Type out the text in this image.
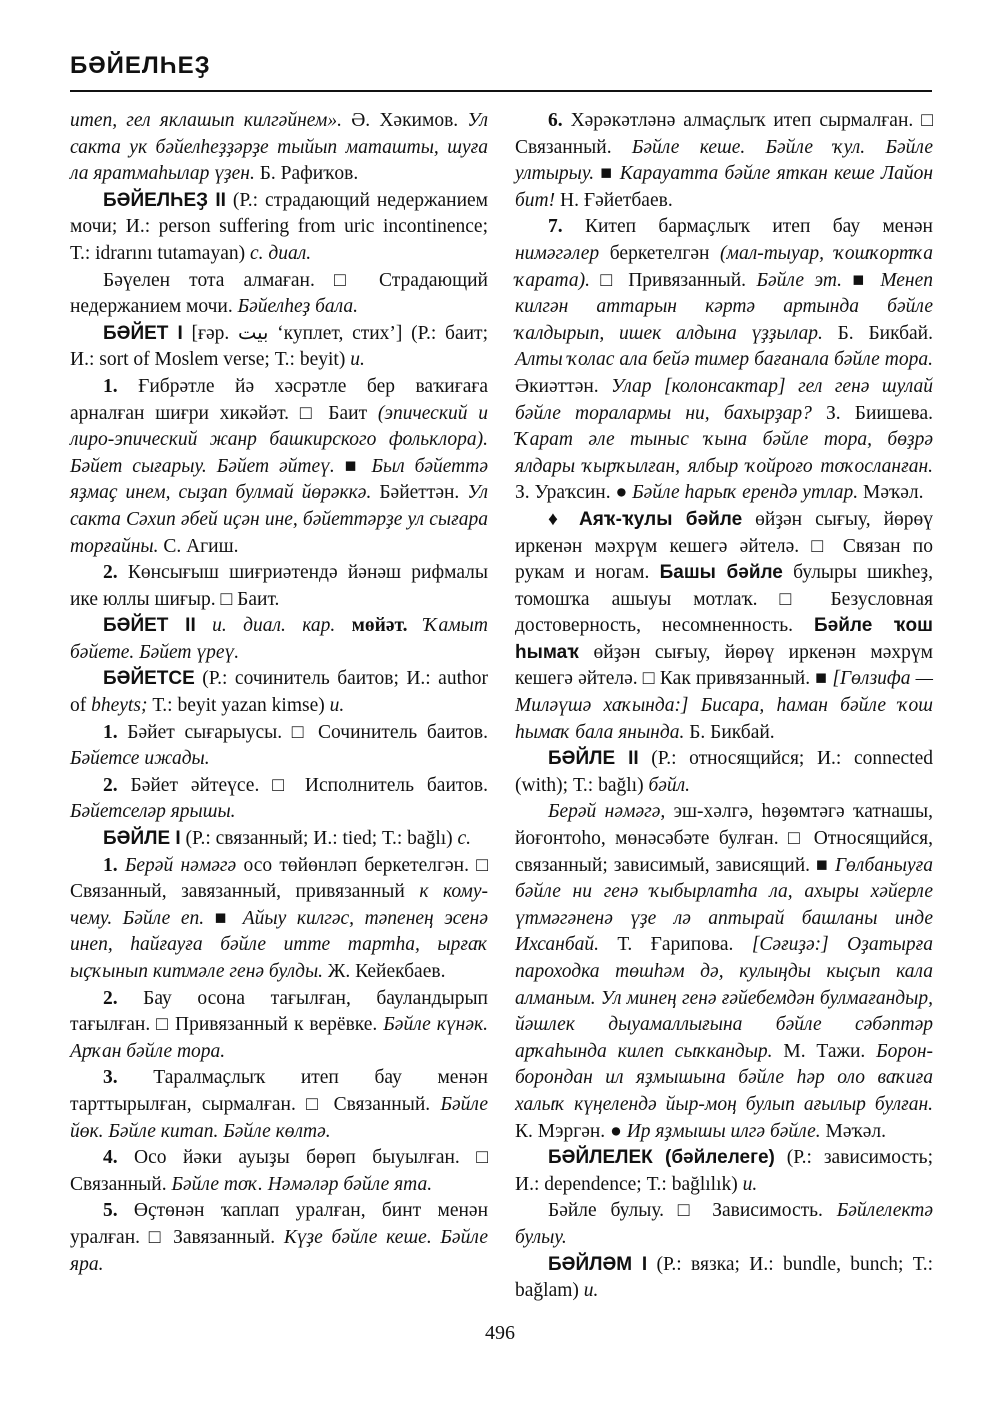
БӘЙЕЛҺЕҘ

итеп, гел яклашып килгәйнем». Ә. Хәкимов. Ул сакта ук бәйелһеҙҙәрҙе тыйып маташты, шуға ла яратмаһылар үҙен. Б. Рафиҡов.

БӘЙЕЛҺЕҘ II (Р.: страдающий недержанием мочи; И.: person suffering from uric incontinence; Т.: idrarını tutamayan) с. диал.

Бәүелен тота алмаған. □ Страдающий недержанием мочи. Бәйелһеҙ бала.

БӘЙЕТ I [ғәр. بيت ‘куплет, стих’] (Р.: баит; И.: sort of Moslem verse; Т.: beyit) и.

1. Ғибрәтле йә хәсрәтле бер ваҡиғаға арналған шиғри хикәйәт. □ Баит (эпический и лиро-эпический жанр башкирского фольклора). Бәйет сығарыу. Бәйет әйтеү. ■ Был бәйеттә яҙмаҫ инем, сыҙап булмай йөрәккә. Бәйеттән. Ул сакта Сәхип әбей иҫән ине, бәйеттәрҙе ул сығара торғайны. С. Агиш.

2. Көнсығыш шиғриәтендә йәнәш рифмалы ике юллы шиғыр. □ Баит.

БӘЙЕТ II и. диал. кар. мөйәт. Ҡамыт бәйете. Бәйет үреү.

БӘЙЕТСЕ (Р.: сочинитель баитов; И.: author of bheyts; Т.: beyit yazan kimse) и.

1. Бәйет сығарыусы. □ Сочинитель баитов. Бәйетсе ижады.

2. Бәйет әйтеүсе. □ Исполнитель баитов. Бәйетселәр ярышы.

БӘЙЛЕ I (Р.: связанный; И.: tied; Т.: bağlı) с.

1. Берәй нәмәгә осо төйөнләп беркетелгән. □ Связанный, завязанный, привязанный к кому-чему. Бәйле еп. ■ Айыу килгәс, тәпенең эсенә инеп, һайғауға бәйле итте тартһа, ырғаҡ ыҫҡынып китмәле генә булды. Ж. Кейекбаев.

2. Бау осона тағылған, бауландырып тағылған. □ Привязанный к верёвке. Бәйле күнәк. Арҡан бәйле тора.

3. Таралмаҫлыҡ итеп бау менән тарттырылған, сырмалған. □ Связанный. Бәйле йөк. Бәйле китап. Бәйле көлтә.

4. Осо йәки ауыҙы бөрөп быуылған. □ Связанный. Бәйле тоҡ. Нәмәләр бәйле ята.

5. Өҫтөнән ҡаплап уралған, бинт менән уралған. □ Завязанный. Күҙе бәйле кеше. Бәйле яра.

6. Хәрәкәтләнә алмаҫлыҡ итеп сырмалған. □ Связанный. Бәйле кеше. Бәйле ҡул. Бәйле ултырыу. ■ Карауатта бәйле яткан кеше Лайон бит! Н. Ғәйетбаев.

7. Китеп бармаҫлыҡ итеп бау менән нимәгәлер беркетелгән (мал-тыуар, ҡошҡортҡа ҡарата). □ Привязанный. Бәйле эт. ■ Менеп килгән аттарын кәртә артында бәйле ҡалдырып, ишек алдына үҙҙылар. Б. Бикбай. Алты ҡолас ала бейә тимер бағанала бәйле тора. Әкиәттән. Улар [колонсактар] гел генә шулай бәйле торалармы ни, бахырҙар? З. Биишева. Ҡарат әле тыныс ҡына бәйле тора, бөҙрә ялдары ҡырҡылған, ялбыр ҡойроғо тоҡосланған. З. Ураҡсин. ● Бәйле һарыҡ ерендә утлар. Мәҡәл.

♦ Аяҡ-ҡулы бәйле өйҙән сығыу, йөрөү иркенән мәхрүм кешегә әйтелә. □ Связан по рукам и ногам. Башы бәйле булыры шикһеҙ, томошҡа ашыуы мотлаҡ. □ Безусловная достоверность, несомненность. Бәйле ҡош һымаҡ өйҙән сығыу, йөрөү иркенән мәхрүм кешегә әйтелә. □ Как привязанный. ■ [Гөлзифа — Миләүшә хаҡында:] Бисара, һаман бәйле ҡош һымаҡ бала янында. Б. Бикбай.

БӘЙЛЕ II (Р.: относящийся; И.: connected (with); Т.: bağlı) бәйл.

Берәй нәмәгә, эш-хәлгә, һөҙөмтәгә ҡатнашы, йоғонтоһо, мөнәсәбәте булған. □ Относящийся, связанный; зависимый, зависящий. ■ Гөлбаныуға бәйле ни генә ҡыбырлатһа ла, ахыры хәйерле үтмәгәненә үҙе лә аптырай башланы инде Ихсанбай. Т. Ғарипова. [Сәғиҙә:] Оҙатырға пароходка төшһәм дә, кулыңды кыҫып кала алманым. Ул минең генә ғәйебемдән булмағандыр, йәшлек дыуамаллығына бәйле сәбәптәр арҡаһында килеп сыҡкандыр. М. Тажи. Борон-борондан ил яҙмышына бәйле һәр оло ваҡиға халыҡ күңелендә йыр-моң булып ағылыр булған. К. Мэргән. ● Ир яҙмышы илгә бәйле. Мәҡәл.

БӘЙЛЕЛЕК (бәйлелеге) (Р.: зависимость; И.: dependence; Т.: bağlılık) и.

Бәйле булыу. □ Зависимость. Бәйлелектә булыу.

БӘЙЛӘМ I (Р.: вязка; И.: bundle, bunch; Т.: bağlam) и.

496
